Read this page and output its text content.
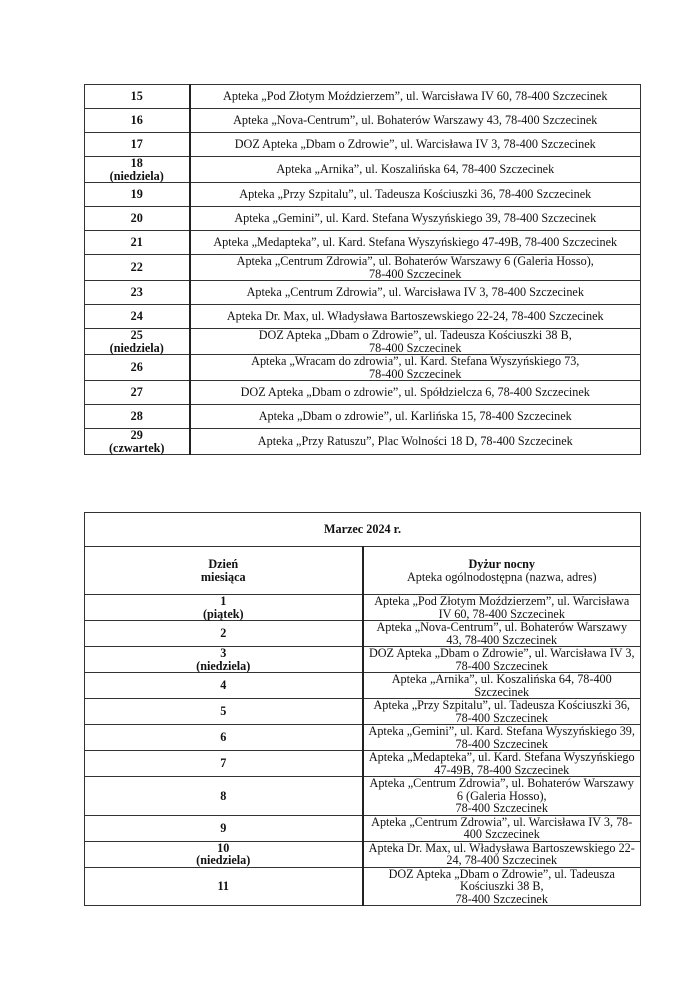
15	Apteka „Pod Złotym Moździerzem”, ul. Warcisława IV 60, 78-400 Szczecinek

16	Apteka „Nova-Centrum”, ul. Bohaterów Warszawy 43, 78-400 Szczecinek

17	DOZ Apteka „Dbam o Zdrowie”, ul. Warcisława IV 3, 78-400 Szczecinek

18
(niedziela)	Apteka „Arnika”, ul. Koszalińska 64, 78-400 Szczecinek

19	Apteka „Przy Szpitalu”, ul. Tadeusza Kościuszki 36, 78-400 Szczecinek

20	Apteka „Gemini”, ul. Kard. Stefana Wyszyńskiego 39, 78-400 Szczecinek

21	Apteka „Medapteka”, ul. Kard. Stefana Wyszyńskiego 47-49B, 78-400 Szczecinek

22	Apteka „Centrum Zdrowia”, ul. Bohaterów Warszawy 6 (Galeria Hosso),
78-400 Szczecinek

23	Apteka „Centrum Zdrowia”, ul. Warcisława IV 3, 78-400 Szczecinek

24	Apteka Dr. Max, ul. Władysława Bartoszewskiego 22-24, 78-400 Szczecinek

25
(niedziela)	DOZ Apteka „Dbam o Zdrowie”, ul. Tadeusza Kościuszki 38 B,
78-400 Szczecinek

26	Apteka „Wracam do zdrowia”, ul. Kard. Stefana Wyszyńskiego 73,
78-400 Szczecinek

27	DOZ Apteka „Dbam o zdrowie”, ul. Spółdzielcza 6, 78-400 Szczecinek

28	Apteka „Dbam o zdrowie”, ul. Karlińska 15, 78-400 Szczecinek

29
(czwartek)	Apteka „Przy Ratuszu”, Plac Wolności 18 D, 78-400 Szczecinek
Marzec 2024 r.	

Dzień
miesiąca	Dyżur nocny
Apteka ogólnodostępna (nazwa, adres)

1
(piątek)	Apteka „Pod Złotym Moździerzem”, ul. Warcisława IV 60, 78-400 Szczecinek

2	Apteka „Nova-Centrum”, ul. Bohaterów Warszawy 43, 78-400 Szczecinek

3
(niedziela)	DOZ Apteka „Dbam o Zdrowie”, ul. Warcisława IV 3, 78-400 Szczecinek

4	Apteka „Arnika”, ul. Koszalińska 64, 78-400 Szczecinek

5	Apteka „Przy Szpitalu”, ul. Tadeusza Kościuszki 36, 78-400 Szczecinek

6	Apteka „Gemini”, ul. Kard. Stefana Wyszyńskiego 39, 78-400 Szczecinek

7	Apteka „Medapteka”, ul. Kard. Stefana Wyszyńskiego 47-49B, 78-400 Szczecinek

8	Apteka „Centrum Zdrowia”, ul. Bohaterów Warszawy 6 (Galeria Hosso),
78-400 Szczecinek

9	Apteka „Centrum Zdrowia”, ul. Warcisława IV 3, 78-400 Szczecinek

10
(niedziela)	Apteka Dr. Max, ul. Władysława Bartoszewskiego 22-24, 78-400 Szczecinek

11	DOZ Apteka „Dbam o Zdrowie”, ul. Tadeusza Kościuszki 38 B,
78-400 Szczecinek
